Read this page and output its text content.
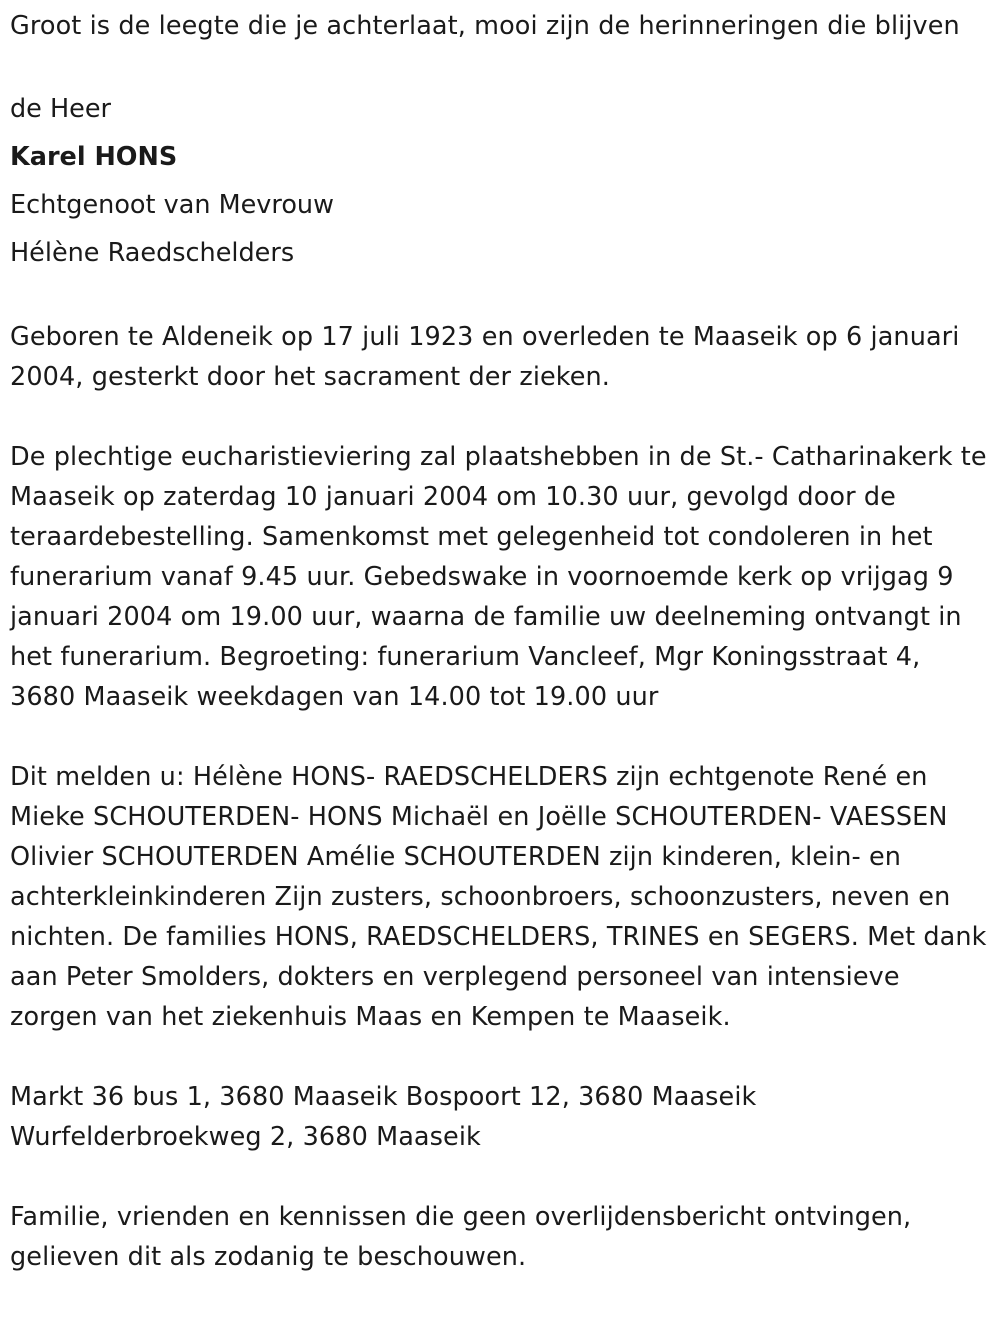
Groot is de leegte die je achterlaat, mooi zijn de herinneringen die blijven

de Heer

Karel HONS

Echtgenoot van Mevrouw

Hélène Raedschelders

Geboren te Aldeneik op 17 juli 1923 en overleden te Maaseik op 6 januari 2004, gesterkt door het sacrament der zieken.

De plechtige eucharistieviering zal plaatshebben in de St.- Catharinakerk te Maaseik op zaterdag 10 januari 2004 om 10.30 uur, gevolgd door de teraardebestelling. Samenkomst met gelegenheid tot condoleren in het funerarium vanaf 9.45 uur. Gebedswake in voornoemde kerk op vrijgag 9 januari 2004 om 19.00 uur, waarna de familie uw deelneming ontvangt in het funerarium. Begroeting: funerarium Vancleef, Mgr Koningsstraat 4, 3680 Maaseik weekdagen van 14.00 tot 19.00 uur

Dit melden u: Hélène HONS- RAEDSCHELDERS zijn echtgenote René en Mieke SCHOUTERDEN- HONS Michaël en Joëlle SCHOUTERDEN- VAESSEN Olivier SCHOUTERDEN Amélie SCHOUTERDEN zijn kinderen, klein- en achterkleinkinderen Zijn zusters, schoonbroers, schoonzusters, neven en nichten. De families HONS, RAEDSCHELDERS, TRINES en SEGERS. Met dank aan Peter Smolders, dokters en verplegend personeel van intensieve zorgen van het ziekenhuis Maas en Kempen te Maaseik.

Markt 36 bus 1, 3680 Maaseik Bospoort 12, 3680 Maaseik Wurfelderbroekweg 2, 3680 Maaseik

Familie, vrienden en kennissen die geen overlijdensbericht ontvingen, gelieven dit als zodanig te beschouwen.
